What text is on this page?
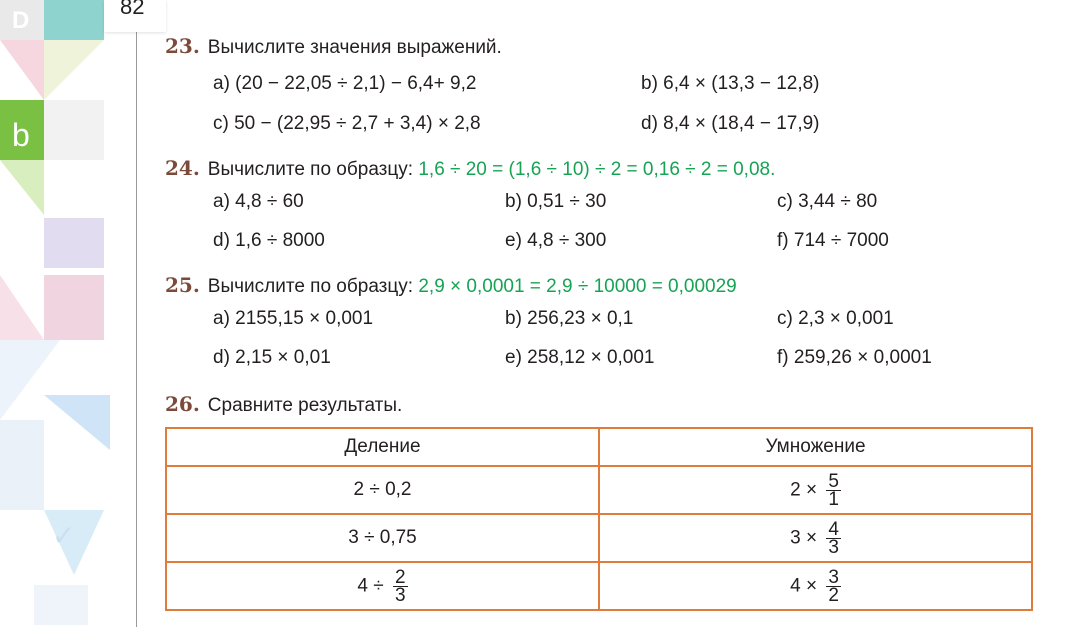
D
b
✓
82
23. Вычислите значения выражений.
a) (20 − 22,05 ÷ 2,1) − 6,4+ 9,2	b) 6,4 × (13,3 − 12,8)
c) 50 − (22,95 ÷ 2,7 + 3,4) × 2,8	d) 8,4 × (18,4 − 17,9)
24. Вычислите по образцу: 1,6 ÷ 20 = (1,6 ÷ 10) ÷ 2 = 0,16 ÷ 2 = 0,08.
a) 4,8 ÷ 60	b) 0,51 ÷ 30	c) 3,44 ÷ 80
d) 1,6 ÷ 8000	e) 4,8 ÷ 300	f) 714 ÷ 7000
25. Вычислите по образцу: 2,9 × 0,0001 = 2,9 ÷ 10000 = 0,00029
a) 2155,15 × 0,001	b) 256,23 × 0,1	c) 2,3 × 0,001
d) 2,15 × 0,01	e) 258,12 × 0,001	f) 259,26 × 0,0001
26. Сравните результаты.
Деление	Умножение
2 ÷ 0,2	$2 \times \frac{5}{1}$

3 ÷ 0,75	$3 \times \frac{4}{3}$

$4 \div \frac{2}{3}$	$4 \times \frac{3}{2}$
